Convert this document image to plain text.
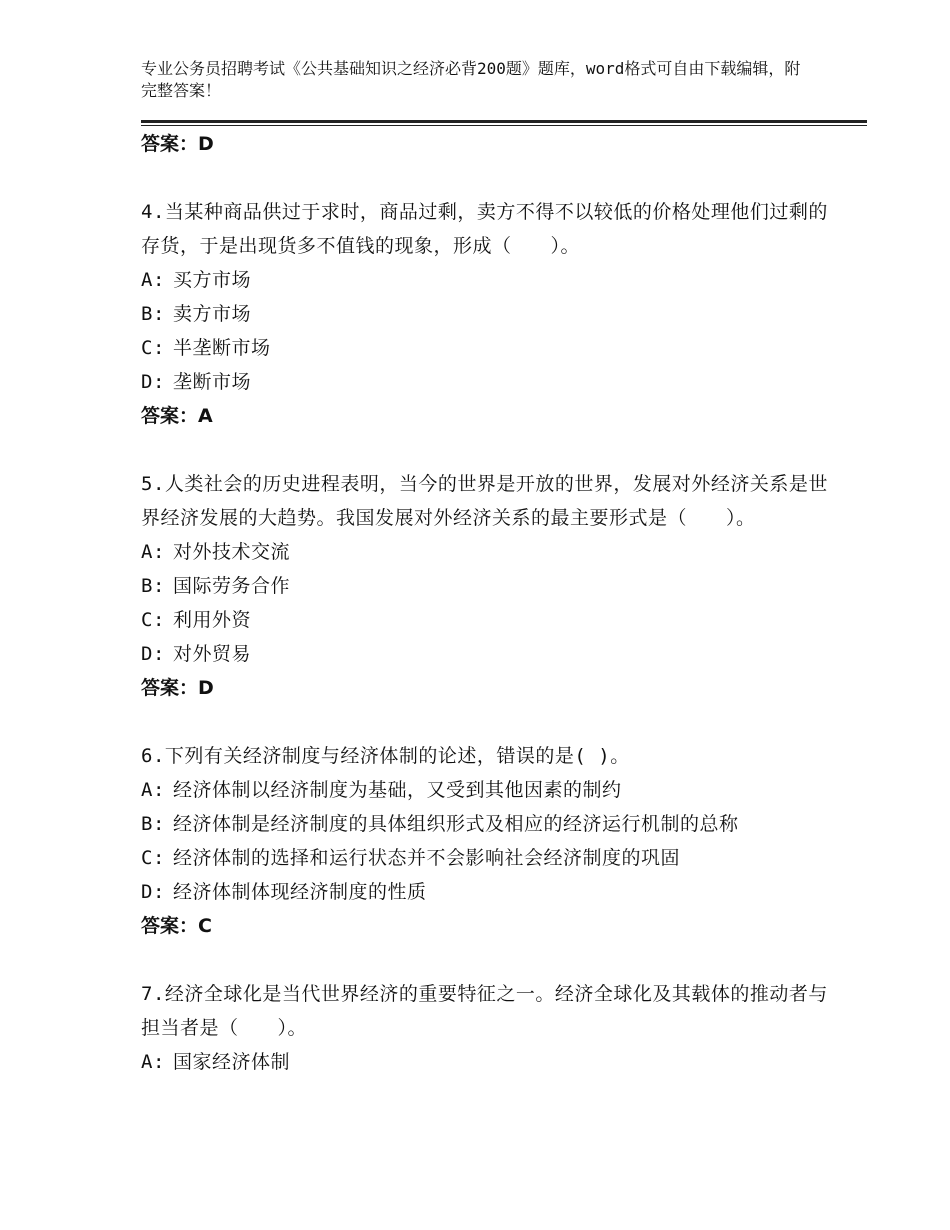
专业公务员招聘考试《公共基础知识之经济必背200题》题库，word格式可自由下载编辑，附完整答案！
答案：D
4.当某种商品供过于求时，商品过剩，卖方不得不以较低的价格处理他们过剩的存货，于是出现货多不值钱的现象，形成（　　）。
A: 买方市场
B: 卖方市场
C: 半垄断市场
D: 垄断市场
答案：A
5.人类社会的历史进程表明，当今的世界是开放的世界，发展对外经济关系是世界经济发展的大趋势。我国发展对外经济关系的最主要形式是（　　）。
A: 对外技术交流
B: 国际劳务合作
C: 利用外资
D: 对外贸易
答案：D
6.下列有关经济制度与经济体制的论述，错误的是( )。
A: 经济体制以经济制度为基础，又受到其他因素的制约
B: 经济体制是经济制度的具体组织形式及相应的经济运行机制的总称
C: 经济体制的选择和运行状态并不会影响社会经济制度的巩固
D: 经济体制体现经济制度的性质
答案：C
7.经济全球化是当代世界经济的重要特征之一。经济全球化及其载体的推动者与担当者是（　　）。
A: 国家经济体制
